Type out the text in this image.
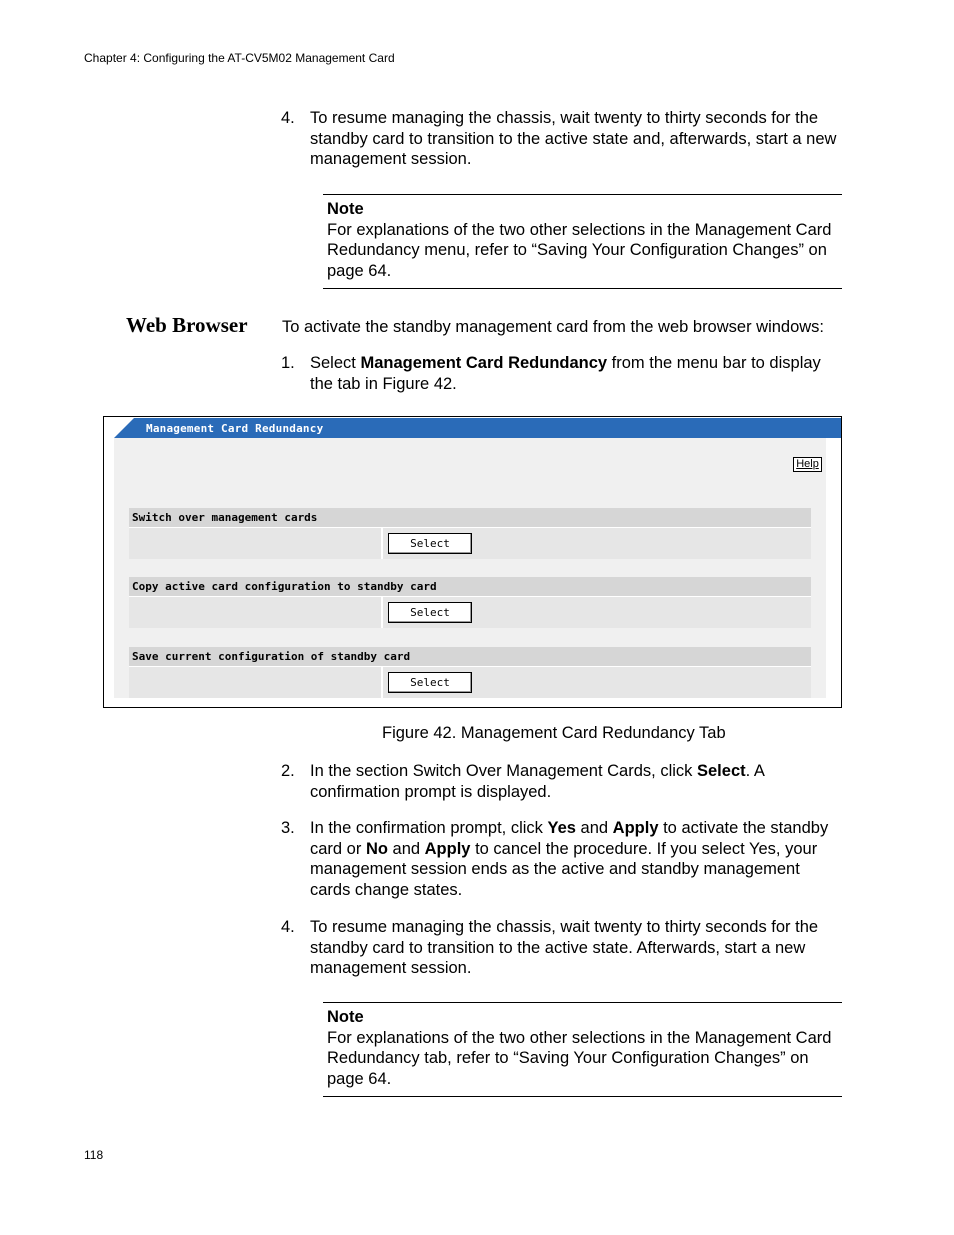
Chapter 4: Configuring the AT-CV5M02 Management Card
4. To resume managing the chassis, wait twenty to thirty seconds for the standby card to transition to the active state and, afterwards, start a new management session.
Note
For explanations of the two other selections in the Management Card Redundancy menu, refer to “Saving Your Configuration Changes” on page 64.
Web Browser To activate the standby management card from the web browser windows:
1. Select Management Card Redundancy from the menu bar to display the tab in Figure 42.
Management Card Redundancy
Help
Switch over management cards
Select
Copy active card configuration to standby card
Select
Save current configuration of standby card
Select
Figure 42. Management Card Redundancy Tab
2. In the section Switch Over Management Cards, click Select. A confirmation prompt is displayed.
3. In the confirmation prompt, click Yes and Apply to activate the standby card or No and Apply to cancel the procedure. If you select Yes, your management session ends as the active and standby management cards change states.
4. To resume managing the chassis, wait twenty to thirty seconds for the standby card to transition to the active state. Afterwards, start a new management session.
Note
For explanations of the two other selections in the Management Card Redundancy tab, refer to “Saving Your Configuration Changes” on page 64.
118
